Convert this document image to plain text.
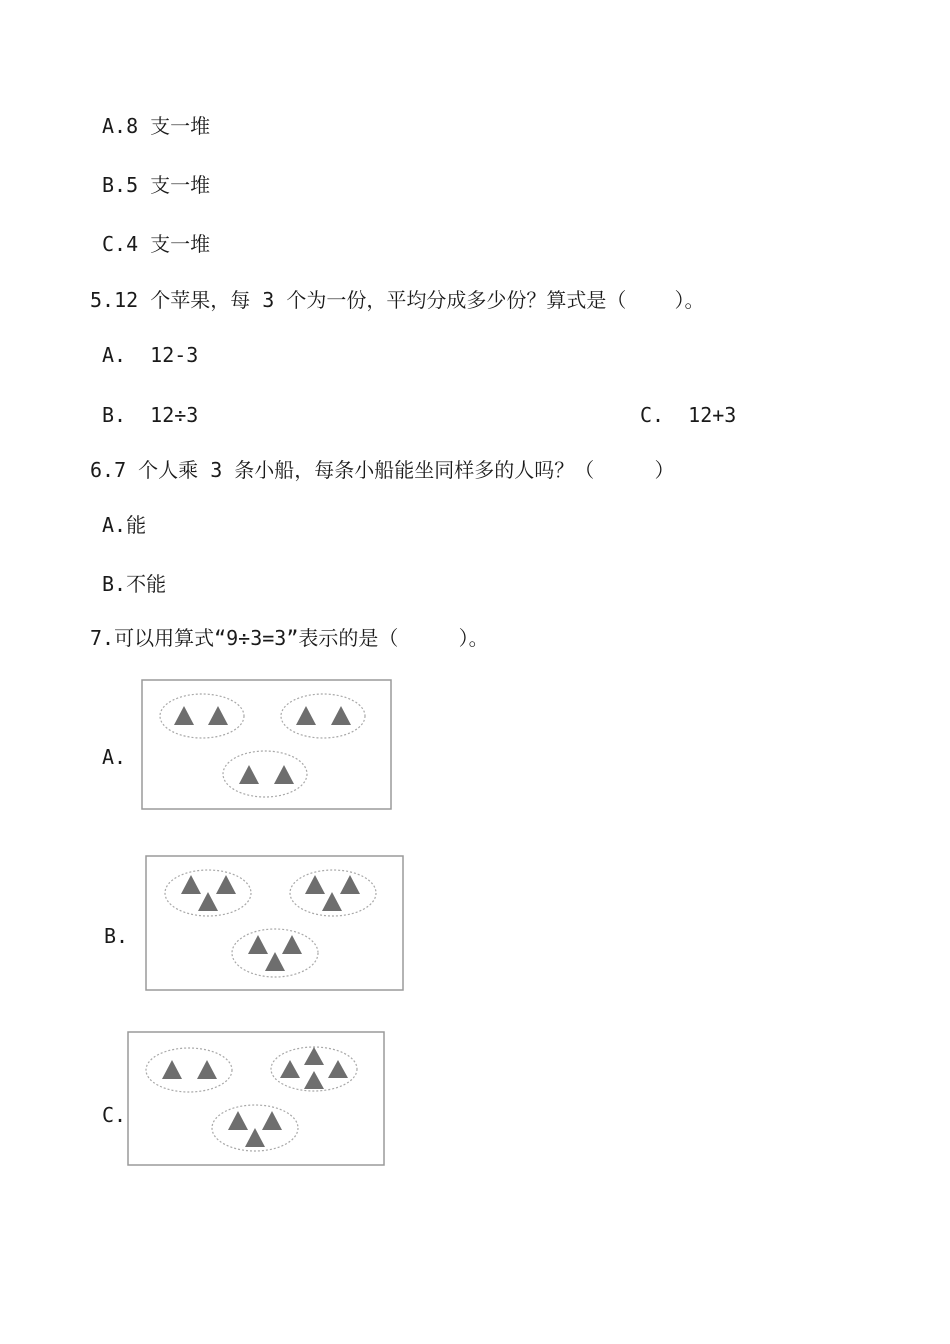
A.8 支一堆
B.5 支一堆
C.4 支一堆
5.12 个苹果，每 3 个为一份，平均分成多少份？算式是（    ）。
A.  12-3
B.  12÷3	C.  12+3
6.7 个人乘 3 条小船，每条小船能坐同样多的人吗？（     ）
A.能
B.不能
7.可以用算式“9÷3=3”表示的是（     ）。
A.
B.
C.
